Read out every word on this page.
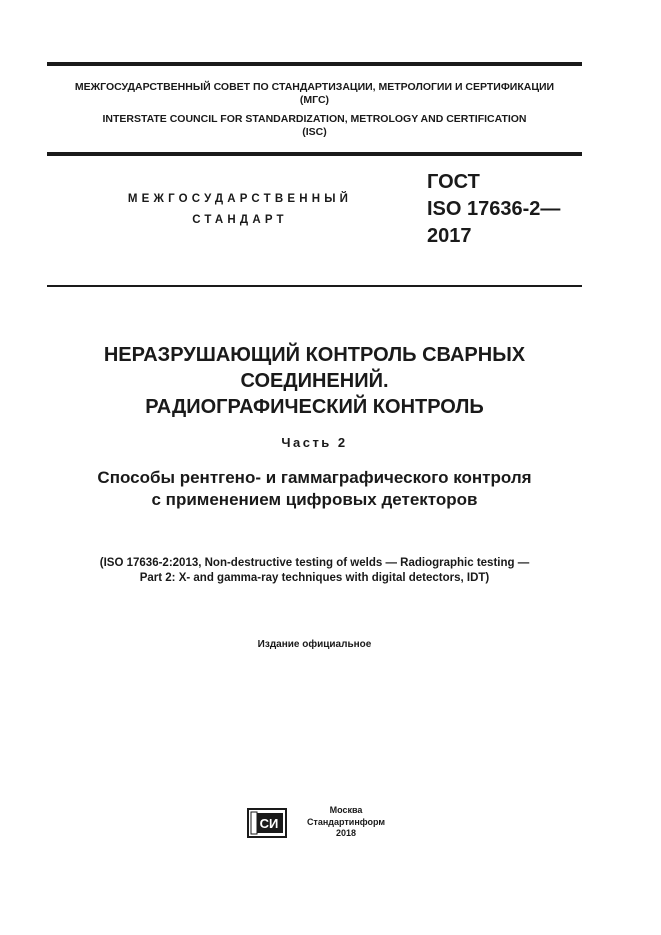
МЕЖГОСУДАРСТВЕННЫЙ СОВЕТ ПО СТАНДАРТИЗАЦИИ, МЕТРОЛОГИИ И СЕРТИФИКАЦИИ
(МГС)
INTERSTATE COUNCIL FOR STANDARDIZATION, METROLOGY AND CERTIFICATION
(ISC)
МЕЖГОСУДАРСТВЕННЫЙ
СТАНДАРТ
ГОСТ
ISO 17636-2—
2017
НЕРАЗРУШАЮЩИЙ КОНТРОЛЬ СВАРНЫХ
СОЕДИНЕНИЙ.
РАДИОГРАФИЧЕСКИЙ КОНТРОЛЬ
Часть 2
Способы рентгено- и гаммаграфического контроля
с применением цифровых детекторов
(ISO 17636-2:2013, Non-destructive testing of welds — Radiographic testing —
Part 2: X- and gamma-ray techniques with digital detectors, IDT)
Издание официальное
СИ
Москва
Стандартинформ
2018
